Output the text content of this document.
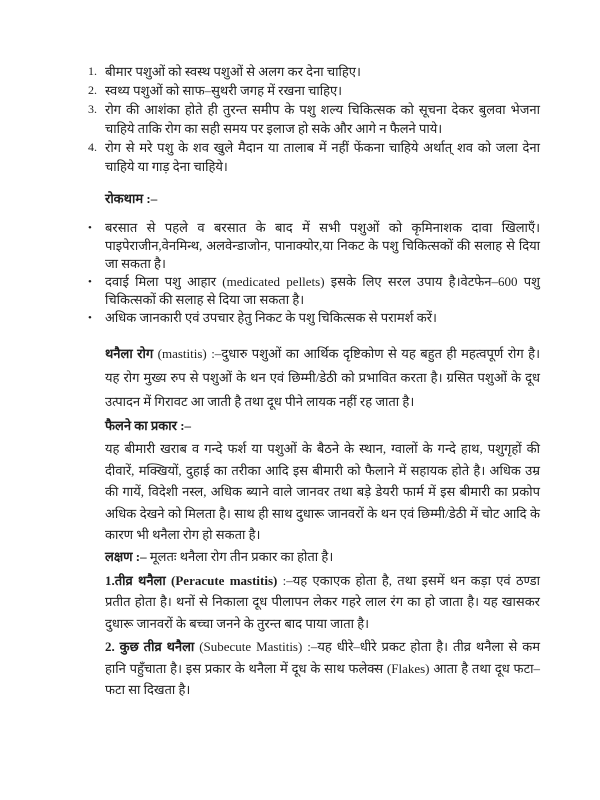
1. बीमार पशुओं को स्वस्थ पशुओं से अलग कर देना चाहिए।
2. स्वथ्य पशुओं को साफ–सुथरी जगह में रखना चाहिए।
3. रोग की आशंका होते ही तुरन्त समीप के पशु शल्य चिकित्सक को सूचना देकर बुलवा भेजना चाहिये ताकि रोग का सही समय पर इलाज हो सके और आगे न फैलने पाये।
4. रोग से मरे पशु के शव खुले मैदान या तालाब में नहीं फेंकना चाहिये अर्थात् शव को जला देना चाहिये या गाड़ देना चाहिये।
रोकथाम :–
•	बरसात से पहले व बरसात के बाद में सभी पशुओं को कृमिनाशक दावा खिलाएँ। पाइपेराजीन,वेनमिन्थ, अलवेन्डाजोन, पानाक्योर,या निकट के पशु चिकित्सकों की सलाह से दिया जा सकता है।
•	दवाई मिला पशु आहार (medicated pellets) इसके लिए सरल उपाय है।वेटफेन–600 पशु चिकित्सकों की सलाह से दिया जा सकता है।
•	अधिक जानकारी एवं उपचार हेतु निकट के पशु चिकित्सक से परामर्श करें।

थनैला रोग (mastitis) :–दुधारु पशुओं का आर्थिक दृष्टिकोण से यह बहुत ही महत्वपूर्ण रोग है। यह रोग मुख्य रुप से पशुओं के थन एवं छिम्मी/डेठी को प्रभावित करता है। ग्रसित पशुओं के दूध उत्पादन में गिरावट आ जाती है तथा दूध पीने लायक नहीं रह जाता है।

फैलने का प्रकार :–

यह बीमारी खराब व गन्दे फर्श या पशुओं के बैठने के स्थान, ग्वालों के गन्दे हाथ, पशुगृहों की दीवारें, मक्खियों, दुहाई का तरीका आदि इस बीमारी को फैलाने में सहायक होते है। अधिक उम्र की गायें, विदेशी नस्ल, अधिक ब्याने वाले जानवर तथा बड़े डेयरी फार्म में इस बीमारी का प्रकोप अधिक देखने को मिलता है। साथ ही साथ दुधारू जानवरों के थन एवं छिम्मी/डेठी में चोट आदि के कारण भी थनैला रोग हो सकता है।

लक्षण :– मूलतः थनैला रोग तीन प्रकार का होता है।

1.तीव्र थनैला (Peracute mastitis) :–यह एकाएक होता है, तथा इसमें थन कड़ा एवं ठण्डा प्रतीत होता है। थनों से निकाला दूध पीलापन लेकर गहरे लाल रंग का हो जाता है। यह खासकर दुधारू जानवरों के बच्चा जनने के तुरन्त बाद पाया जाता है।

2. कुछ तीव्र थनैला (Subecute Mastitis) :–यह धीरे–धीरे प्रकट होता है। तीव्र थनैला से कम हानि पहुँचाता है। इस प्रकार के थनैला में दूध के साथ फलेक्स (Flakes) आता है तथा दूध फटा–फटा सा दिखता है।
